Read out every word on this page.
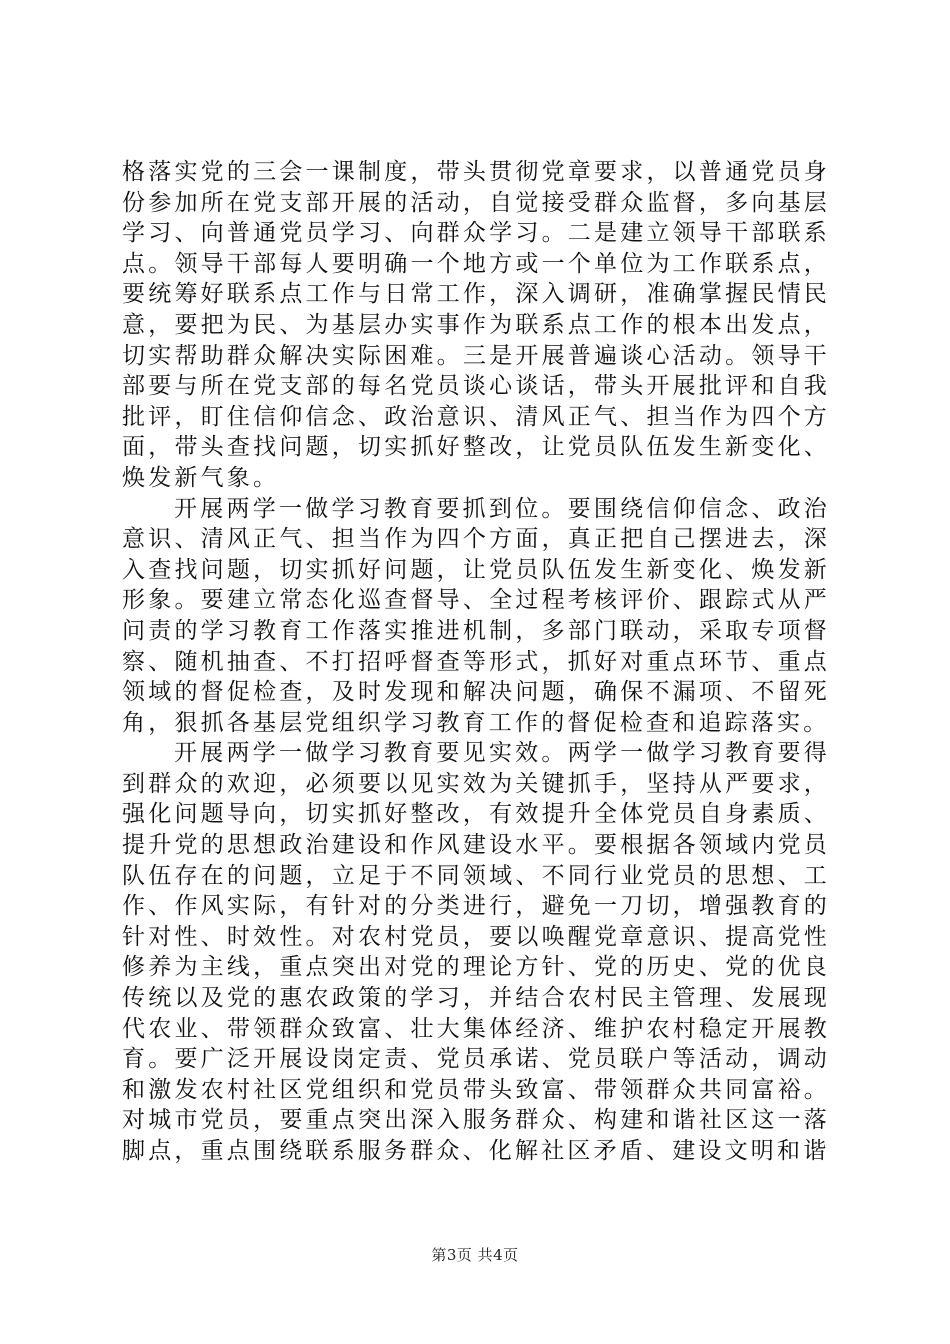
格落实党的三会一课制度，带头贯彻党章要求，以普通党员身份参加所在党支部开展的活动，自觉接受群众监督，多向基层学习、向普通党员学习、向群众学习。二是建立领导干部联系点。领导干部每人要明确一个地方或一个单位为工作联系点，要统筹好联系点工作与日常工作，深入调研，准确掌握民情民意，要把为民、为基层办实事作为联系点工作的根本出发点，切实帮助群众解决实际困难。三是开展普遍谈心活动。领导干部要与所在党支部的每名党员谈心谈话，带头开展批评和自我批评，盯住信仰信念、政治意识、清风正气、担当作为四个方面，带头查找问题，切实抓好整改，让党员队伍发生新变化、焕发新气象。

开展两学一做学习教育要抓到位。要围绕信仰信念、政治意识、清风正气、担当作为四个方面，真正把自己摆进去，深入查找问题，切实抓好问题，让党员队伍发生新变化、焕发新形象。要建立常态化巡查督导、全过程考核评价、跟踪式从严问责的学习教育工作落实推进机制，多部门联动，采取专项督察、随机抽查、不打招呼督查等形式，抓好对重点环节、重点领域的督促检查，及时发现和解决问题，确保不漏项、不留死角，狠抓各基层党组织学习教育工作的督促检查和追踪落实。

开展两学一做学习教育要见实效。两学一做学习教育要得到群众的欢迎，必须要以见实效为关键抓手，坚持从严要求，强化问题导向，切实抓好整改，有效提升全体党员自身素质、提升党的思想政治建设和作风建设水平。要根据各领域内党员队伍存在的问题，立足于不同领域、不同行业党员的思想、工作、作风实际，有针对的分类进行，避免一刀切，增强教育的针对性、时效性。对农村党员，要以唤醒党章意识、提高党性修养为主线，重点突出对党的理论方针、党的历史、党的优良传统以及党的惠农政策的学习，并结合农村民主管理、发展现代农业、带领群众致富、壮大集体经济、维护农村稳定开展教育。要广泛开展设岗定责、党员承诺、党员联户等活动，调动和激发农村社区党组织和党员带头致富、带领群众共同富裕。对城市党员，要重点突出深入服务群众、构建和谐社区这一落脚点，重点围绕联系服务群众、化解社区矛盾、建设文明和谐

第3页 共4页
